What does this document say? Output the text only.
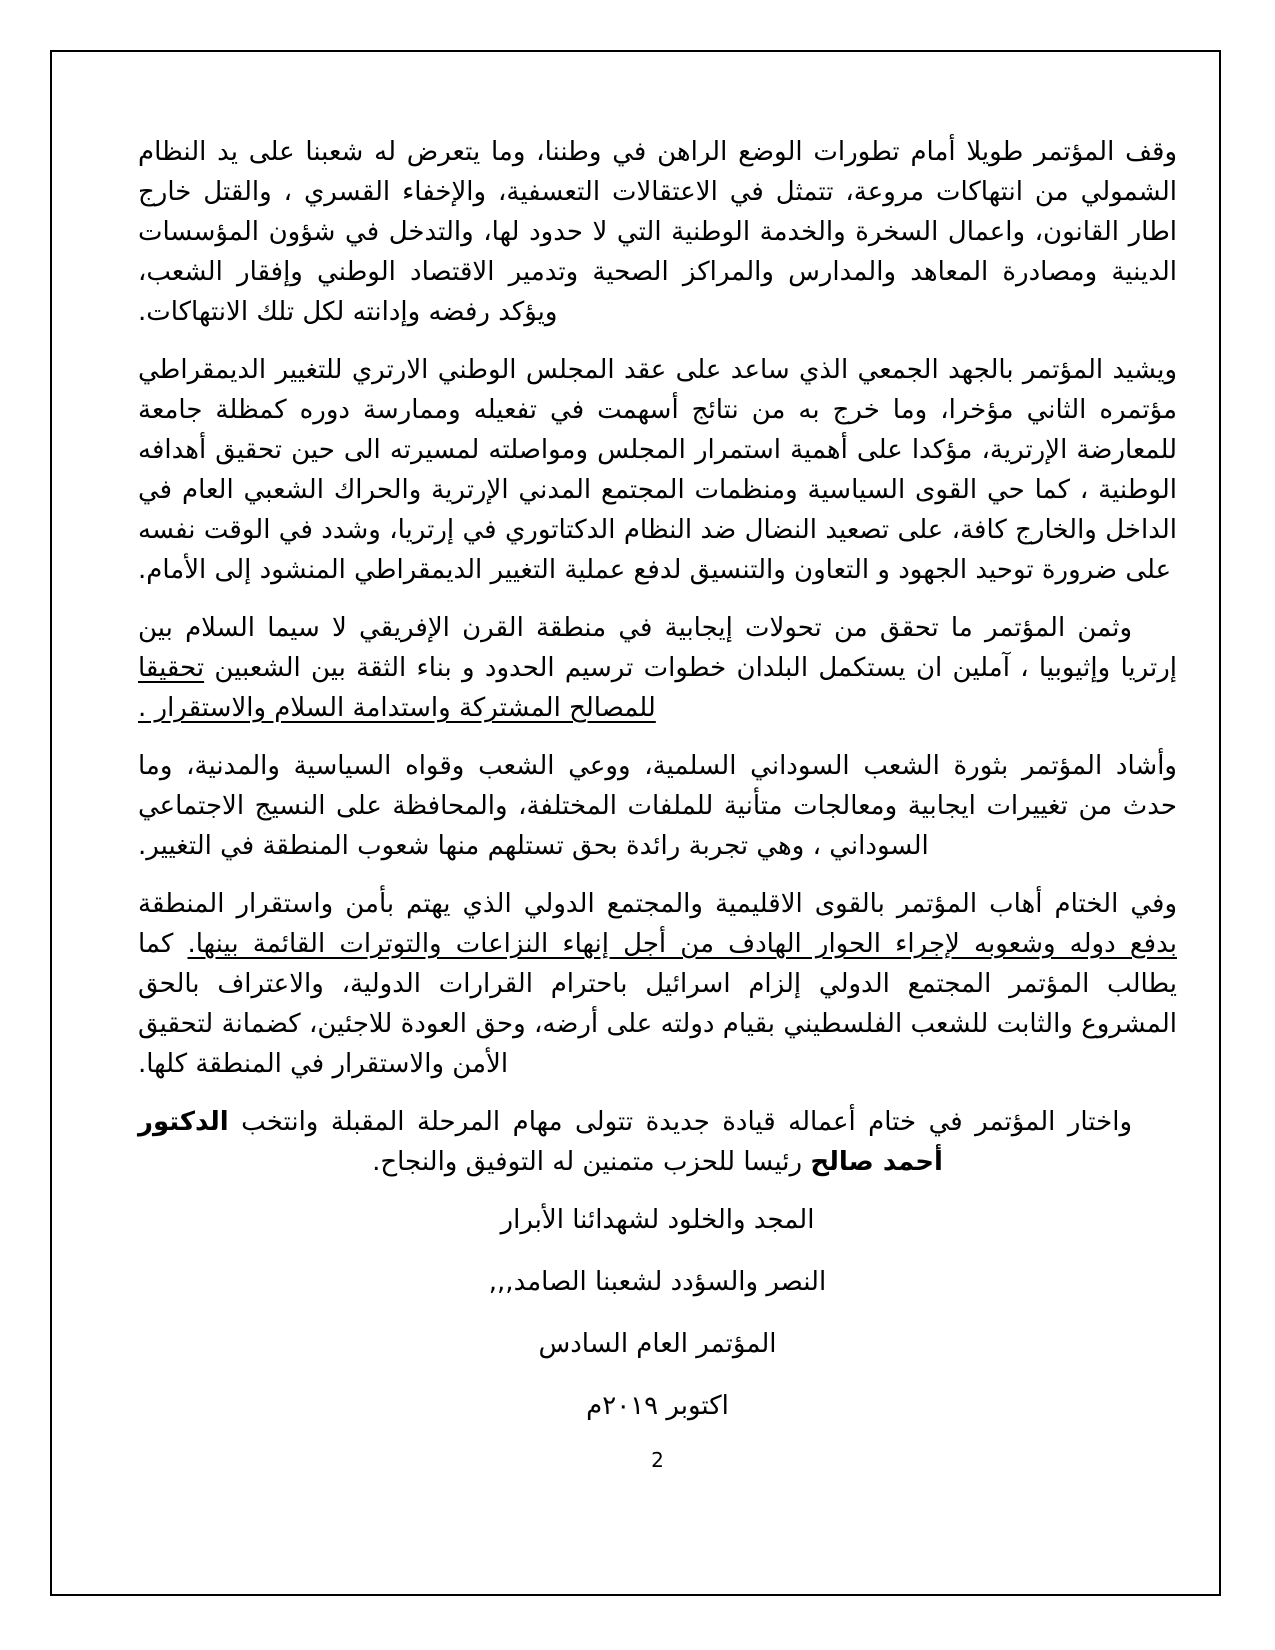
وقف المؤتمر طويلا أمام تطورات الوضع الراهن في وطننا، وما يتعرض له شعبنا على يد النظام الشمولي من انتهاكات مروعة، تتمثل في الاعتقالات التعسفية، والإخفاء القسري ، والقتل خارج اطار القانون، واعمال السخرة والخدمة الوطنية التي لا حدود لها، والتدخل في شؤون المؤسسات الدينية ومصادرة المعاهد والمدارس والمراكز الصحية وتدمير الاقتصاد الوطني وإفقار الشعب، ويؤكد رفضه وإدانته لكل تلك الانتهاكات.

ويشيد المؤتمر بالجهد الجمعي الذي ساعد على عقد المجلس الوطني الارتري للتغيير الديمقراطي مؤتمره الثاني مؤخرا، وما خرج به من نتائج أسهمت في تفعيله وممارسة دوره كمظلة جامعة للمعارضة الإرترية، مؤكدا على أهمية استمرار المجلس ومواصلته لمسيرته الى حين تحقيق أهدافه الوطنية ، كما حي القوى السياسية ومنظمات المجتمع المدني الإرترية والحراك الشعبي العام في الداخل والخارج كافة، على تصعيد النضال ضد النظام الدكتاتوري في إرتريا، وشدد في الوقت نفسه على ضرورة توحيد الجهود و التعاون والتنسيق لدفع عملية التغيير الديمقراطي المنشود إلى الأمام.

وثمن المؤتمر ما تحقق من تحولات إيجابية في منطقة القرن الإفريقي لا سيما السلام بين إرتريا وإثيوبيا ، آملين ان يستكمل البلدان خطوات ترسيم الحدود و بناء الثقة بين الشعبين تحقيقا للمصالح المشتركة واستدامة السلام والاستقرار .

وأشاد المؤتمر بثورة الشعب السوداني السلمية، ووعي الشعب وقواه السياسية والمدنية، وما حدث من تغييرات ايجابية ومعالجات متأنية للملفات المختلفة، والمحافظة على النسيج الاجتماعي السوداني ، وهي تجربة رائدة بحق تستلهم منها شعوب المنطقة في التغيير.

وفي الختام أهاب المؤتمر بالقوى الاقليمية والمجتمع الدولي الذي يهتم بأمن واستقرار المنطقة بدفع دوله وشعوبه لإجراء الحوار الهادف من أجل إنهاء النزاعات والتوترات القائمة بينها. كما يطالب المؤتمر المجتمع الدولي إلزام اسرائيل باحترام القرارات الدولية، والاعتراف بالحق المشروع والثابت للشعب الفلسطيني بقيام دولته على أرضه، وحق العودة للاجئين، كضمانة لتحقيق الأمن والاستقرار في المنطقة كلها.

واختار المؤتمر في ختام أعماله قيادة جديدة تتولى مهام المرحلة المقبلة وانتخب الدكتور أحمد صالح رئيسا للحزب متمنين له التوفيق والنجاح.

المجد والخلود لشهدائنا الأبرار

النصر والسؤدد لشعبنا الصامد,,,

المؤتمر العام السادس

اكتوبر ٢٠١٩م

2
